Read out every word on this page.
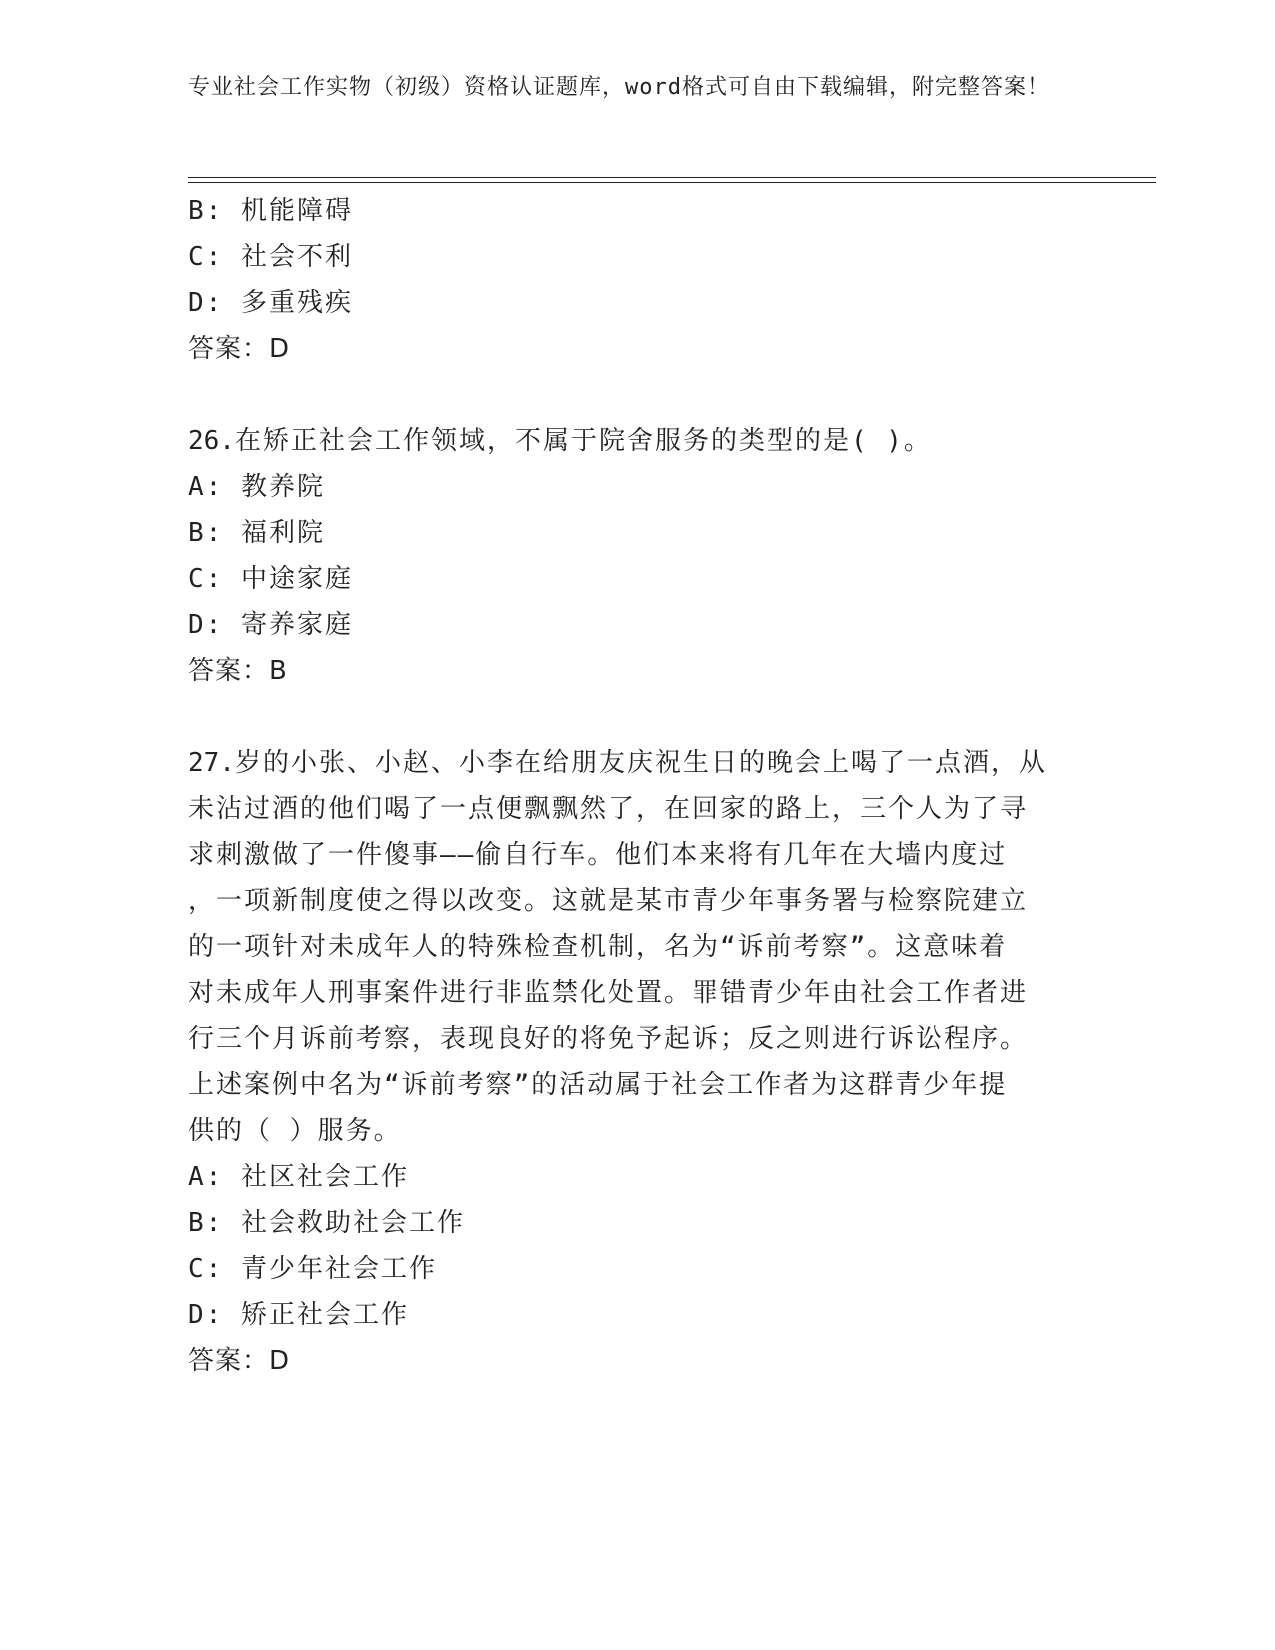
专业社会工作实物（初级）资格认证题库，word格式可自由下载编辑，附完整答案！
B: 机能障碍
C: 社会不利
D: 多重残疾
答案：D
26.在矫正社会工作领域，不属于院舍服务的类型的是( )。
A: 教养院
B: 福利院
C: 中途家庭
D: 寄养家庭
答案：B
27.岁的小张、小赵、小李在给朋友庆祝生日的晚会上喝了一点酒，从
未沾过酒的他们喝了一点便飘飘然了，在回家的路上，三个人为了寻
求刺激做了一件傻事——偷自行车。他们本来将有几年在大墙内度过
，一项新制度使之得以改变。这就是某市青少年事务署与检察院建立
的一项针对未成年人的特殊检查机制，名为“诉前考察”。这意味着
对未成年人刑事案件进行非监禁化处置。罪错青少年由社会工作者进
行三个月诉前考察，表现良好的将免予起诉；反之则进行诉讼程序。
上述案例中名为“诉前考察”的活动属于社会工作者为这群青少年提
供的（ ）服务。
A: 社区社会工作
B: 社会救助社会工作
C: 青少年社会工作
D: 矫正社会工作
答案：D
